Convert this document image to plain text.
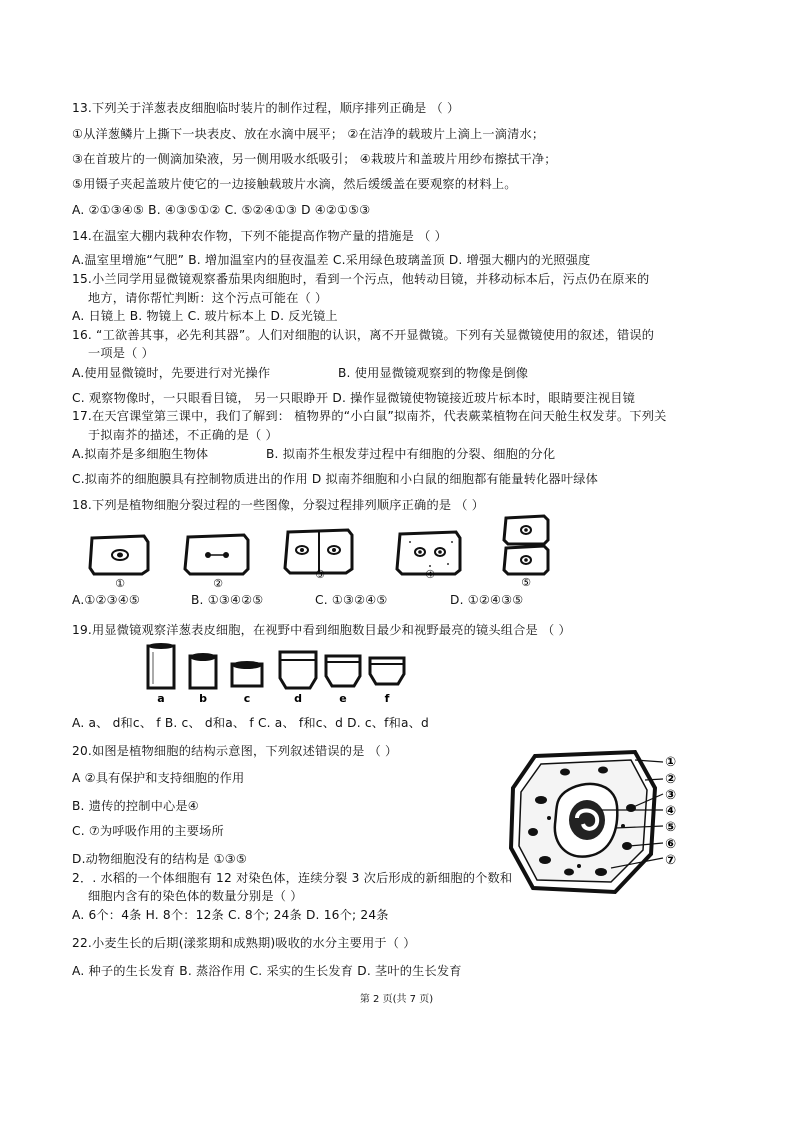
13.下列关于洋葱表皮细胞临时装片的制作过程，顺序排列正确是 （ ）
①从洋葱鳞片上撕下一块表皮、放在水滴中展平； ②在洁净的载玻片上滴上一滴清水；
③在首玻片的一侧滴加染液，另一侧用吸水纸吸引； ④栽玻片和盖玻片用纱布擦拭干净；
⑤用镊子夹起盖玻片使它的一边接触载玻片水滴，然后缓缓盖在要观察的材料上。
A. ②①③④⑤ B. ④③⑤①② C. ⑤②④①③ D ④②①⑤③
14.在温室大棚内栽种农作物，下列不能提高作物产量的措施是 （ ）
A.温室里增施“气肥” B. 增加温室内的昼夜温差 C.采用绿色玻璃盖顶 D. 增强大棚内的光照强度
15.小兰同学用显微镜观察番茄果肉细胞时，看到一个污点，他转动目镜，并移动标本后，污点仍在原来的
地方，请你帮忙判断：这个污点可能在（ ）
A. 日镜上 B. 物镜上 C. 玻片标本上 D. 反光镜上
16. “工欲善其事，必先利其器”。人们对细胞的认识，离不开显微镜。下列有关显微镜使用的叙述，错误的
一项是（ ）
A.使用显微镜时，先要进行对光操作	B. 使用显微镜观察到的物像是倒像
C. 观察物像时，一只眼看目镜， 另一只眼睁开 D. 操作显微镜使物镜接近玻片标本时，眼睛要注视目镜
17.在天宫课堂第三课中，我们了解到： 植物界的“小白鼠”拟南芥，代表蕨菜植物在问天舱生权发芽。下列关
于拟南芥的描述，不正确的是（ ）
A.拟南芥是多细胞生物体	B. 拟南芥生根发芽过程中有细胞的分裂、细胞的分化
C.拟南芥的细胞膜具有控制物质进出的作用 D 拟南芥细胞和小白鼠的细胞都有能量转化器叶绿体
18.下列是植物细胞分裂过程的一些图像，分裂过程排列顺序正确的是 （ ）
①	②
③	④
⑤
A.①②③④⑤	B. ①③④②⑤	C. ①③②④⑤	D. ①②④③⑤
19.用显微镜观察洋葱表皮细胞，在视野中看到细胞数目最少和视野最亮的镜头组合是 （ ）
a	b	c	d	e	f
A. a、 d和c、 f B. c、 d和a、 f C. a、 f和c、d D. c、f和a、d
20.如图是植物细胞的结构示意图，下列叙述错误的是 （ ）
A ②具有保护和支持细胞的作用
B. 遗传的控制中心是④
C. ⑦为呼吸作用的主要场所
D.动物细胞没有的结构是 ①③⑤
①
②
③
④
⑤
⑥
⑦
2．. 水稻的一个体细胞有 12 对染色体，连续分裂 3 次后形成的新细胞的个数和
细胞内含有的染色体的数量分别是（ ）
A. 6个：4条 H. 8个：12条 C. 8个; 24条 D. 16个; 24条
22.小麦生长的后期(漾浆期和成熟期)吸收的水分主要用于（ ）
A. 种子的生长发育 B. 蒸浴作用 C. 采实的生长发育 D. 茎叶的生长发育
第 2 页(共 7 页)
